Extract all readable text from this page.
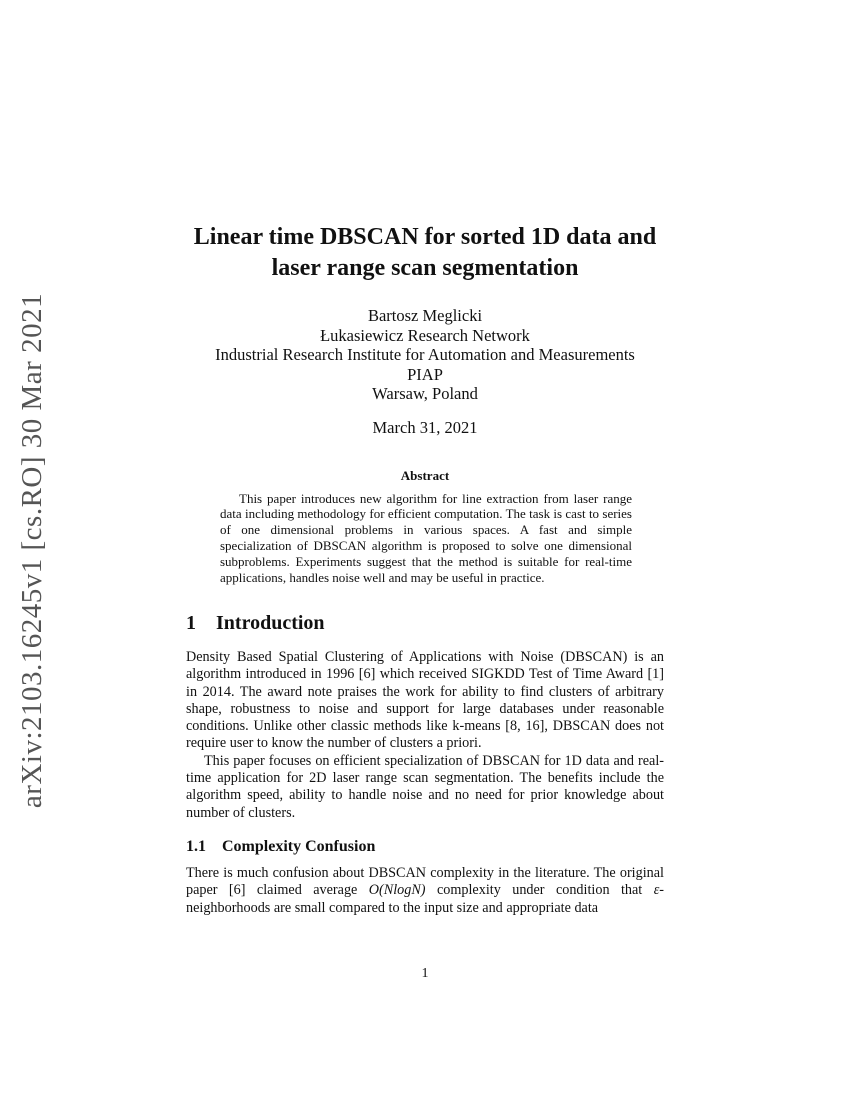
arXiv:2103.16245v1 [cs.RO] 30 Mar 2021
Linear time DBSCAN for sorted 1D data and
laser range scan segmentation
Bartosz Meglicki
Łukasiewicz Research Network
Industrial Research Institute for Automation and Measurements
PIAP
Warsaw, Poland
March 31, 2021
Abstract

This paper introduces new algorithm for line extraction from laser range data including methodology for efficient computation. The task is cast to series of one dimensional problems in various spaces. A fast and simple specialization of DBSCAN algorithm is proposed to solve one dimensional subproblems. Experiments suggest that the method is suitable for real-time applications, handles noise well and may be useful in practice.

1 Introduction

Density Based Spatial Clustering of Applications with Noise (DBSCAN) is an algorithm introduced in 1996 [6] which received SIGKDD Test of Time Award [1] in 2014. The award note praises the work for ability to find clusters of arbitrary shape, robustness to noise and support for large databases under reasonable conditions. Unlike other classic methods like k-means [8, 16], DBSCAN does not require user to know the number of clusters a priori.

This paper focuses on efficient specialization of DBSCAN for 1D data and real-time application for 2D laser range scan segmentation. The benefits include the algorithm speed, ability to handle noise and no need for prior knowledge about number of clusters.

1.1 Complexity Confusion

There is much confusion about DBSCAN complexity in the literature. The original paper [6] claimed average O(NlogN) complexity under condition that ε-neighborhoods are small compared to the input size and appropriate data

1
